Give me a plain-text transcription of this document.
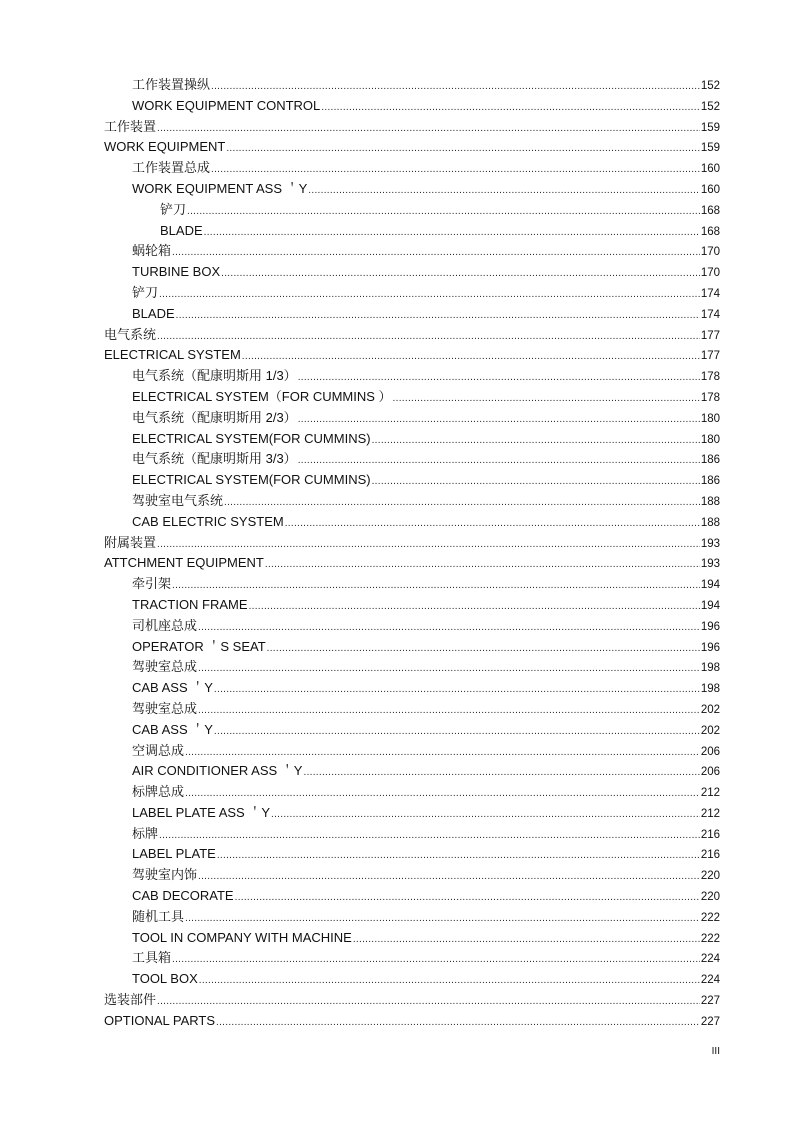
工作装置操纵 .....	152
WORK EQUIPMENT CONTROL .....	152
工作装置 .....	159
WORK EQUIPMENT .....	159
工作装置总成 .....	160
WORK EQUIPMENT ASS ＇Y .....	160
铲刀 .....	168
BLADE .....	168
蜗轮箱 .....	170
TURBINE BOX .....	170
铲刀 .....	174
BLADE .....	174
电气系统 .....	177
ELECTRICAL SYSTEM .....	177
电气系统（配康明斯用 1/3） .....	178
ELECTRICAL SYSTEM（FOR CUMMINS ） .....	178
电气系统（配康明斯用 2/3） .....	180
ELECTRICAL SYSTEM(FOR CUMMINS) .....	180
电气系统（配康明斯用 3/3） .....	186
ELECTRICAL SYSTEM(FOR CUMMINS) .....	186
驾驶室电气系统 .....	188
CAB ELECTRIC SYSTEM .....	188
附属装置 .....	193
ATTCHMENT EQUIPMENT .....	193
牵引架 .....	194
TRACTION FRAME .....	194
司机座总成 .....	196
OPERATOR ＇S SEAT .....	196
驾驶室总成 .....	198
CAB ASS ＇Y .....	198
驾驶室总成 .....	202
CAB ASS ＇Y .....	202
空调总成 .....	206
AIR CONDITIONER ASS ＇Y .....	206
标牌总成 .....	212
LABEL PLATE ASS ＇Y .....	212
标牌 .....	216
LABEL PLATE .....	216
驾驶室内饰 .....	220
CAB DECORATE .....	220
随机工具 .....	222
TOOL IN COMPANY WITH MACHINE .....	222
工具箱 .....	224
TOOL BOX .....	224
选装部件 .....	227
OPTIONAL PARTS .....	227
III
